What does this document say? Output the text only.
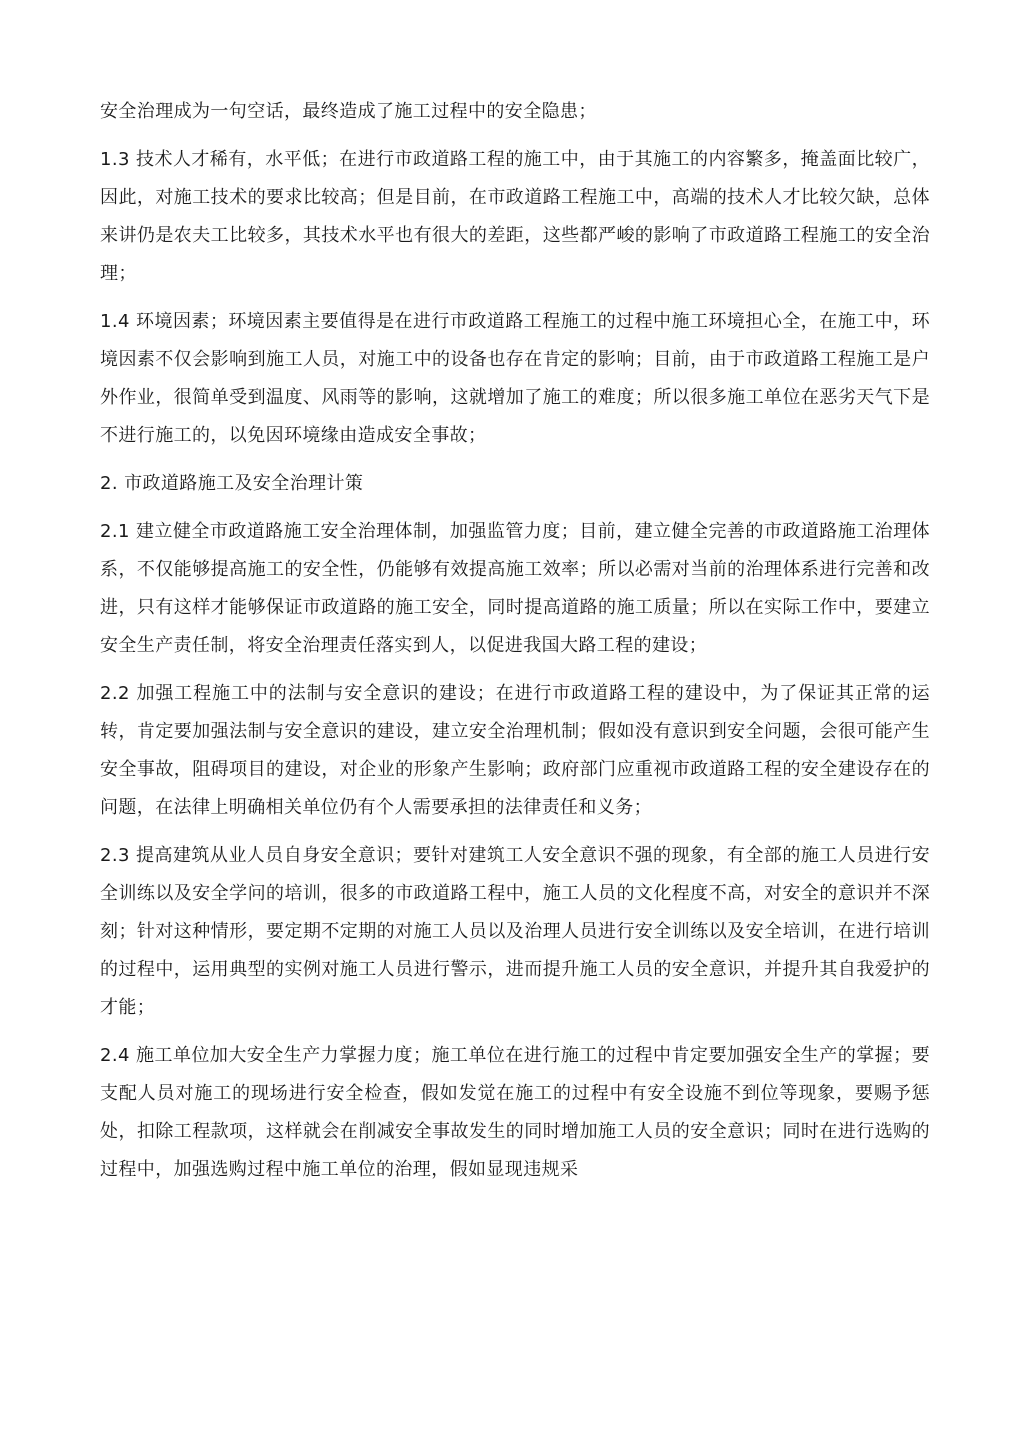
安全治理成为一句空话，最终造成了施工过程中的安全隐患；

1.3 技术人才稀有，水平低；在进行市政道路工程的施工中，由于其施工的内容繁多，掩盖面比较广，因此，对施工技术的要求比较高；但是目前，在市政道路工程施工中，高端的技术人才比较欠缺，总体来讲仍是农夫工比较多，其技术水平也有很大的差距，这些都严峻的影响了市政道路工程施工的安全治理；

1.4 环境因素；环境因素主要值得是在进行市政道路工程施工的过程中施工环境担心全，在施工中，环境因素不仅会影响到施工人员，对施工中的设备也存在肯定的影响；目前，由于市政道路工程施工是户外作业，很简单受到温度、风雨等的影响，这就增加了施工的难度；所以很多施工单位在恶劣天气下是不进行施工的，以免因环境缘由造成安全事故；

2. 市政道路施工及安全治理计策

2.1 建立健全市政道路施工安全治理体制，加强监管力度；目前，建立健全完善的市政道路施工治理体系，不仅能够提高施工的安全性，仍能够有效提高施工效率；所以必需对当前的治理体系进行完善和改进，只有这样才能够保证市政道路的施工安全，同时提高道路的施工质量；所以在实际工作中，要建立安全生产责任制，将安全治理责任落实到人，以促进我国大路工程的建设；

2.2 加强工程施工中的法制与安全意识的建设；在进行市政道路工程的建设中，为了保证其正常的运转，肯定要加强法制与安全意识的建设，建立安全治理机制；假如没有意识到安全问题，会很可能产生安全事故，阻碍项目的建设，对企业的形象产生影响；政府部门应重视市政道路工程的安全建设存在的问题，在法律上明确相关单位仍有个人需要承担的法律责任和义务；

2.3 提高建筑从业人员自身安全意识；要针对建筑工人安全意识不强的现象，有全部的施工人员进行安全训练以及安全学问的培训，很多的市政道路工程中，施工人员的文化程度不高，对安全的意识并不深刻；针对这种情形，要定期不定期的对施工人员以及治理人员进行安全训练以及安全培训，在进行培训的过程中，运用典型的实例对施工人员进行警示，进而提升施工人员的安全意识，并提升其自我爱护的才能；

2.4 施工单位加大安全生产力掌握力度；施工单位在进行施工的过程中肯定要加强安全生产的掌握；要支配人员对施工的现场进行安全检查，假如发觉在施工的过程中有安全设施不到位等现象，要赐予惩处，扣除工程款项，这样就会在削减安全事故发生的同时增加施工人员的安全意识；同时在进行选购的过程中，加强选购过程中施工单位的治理，假如显现违规采
